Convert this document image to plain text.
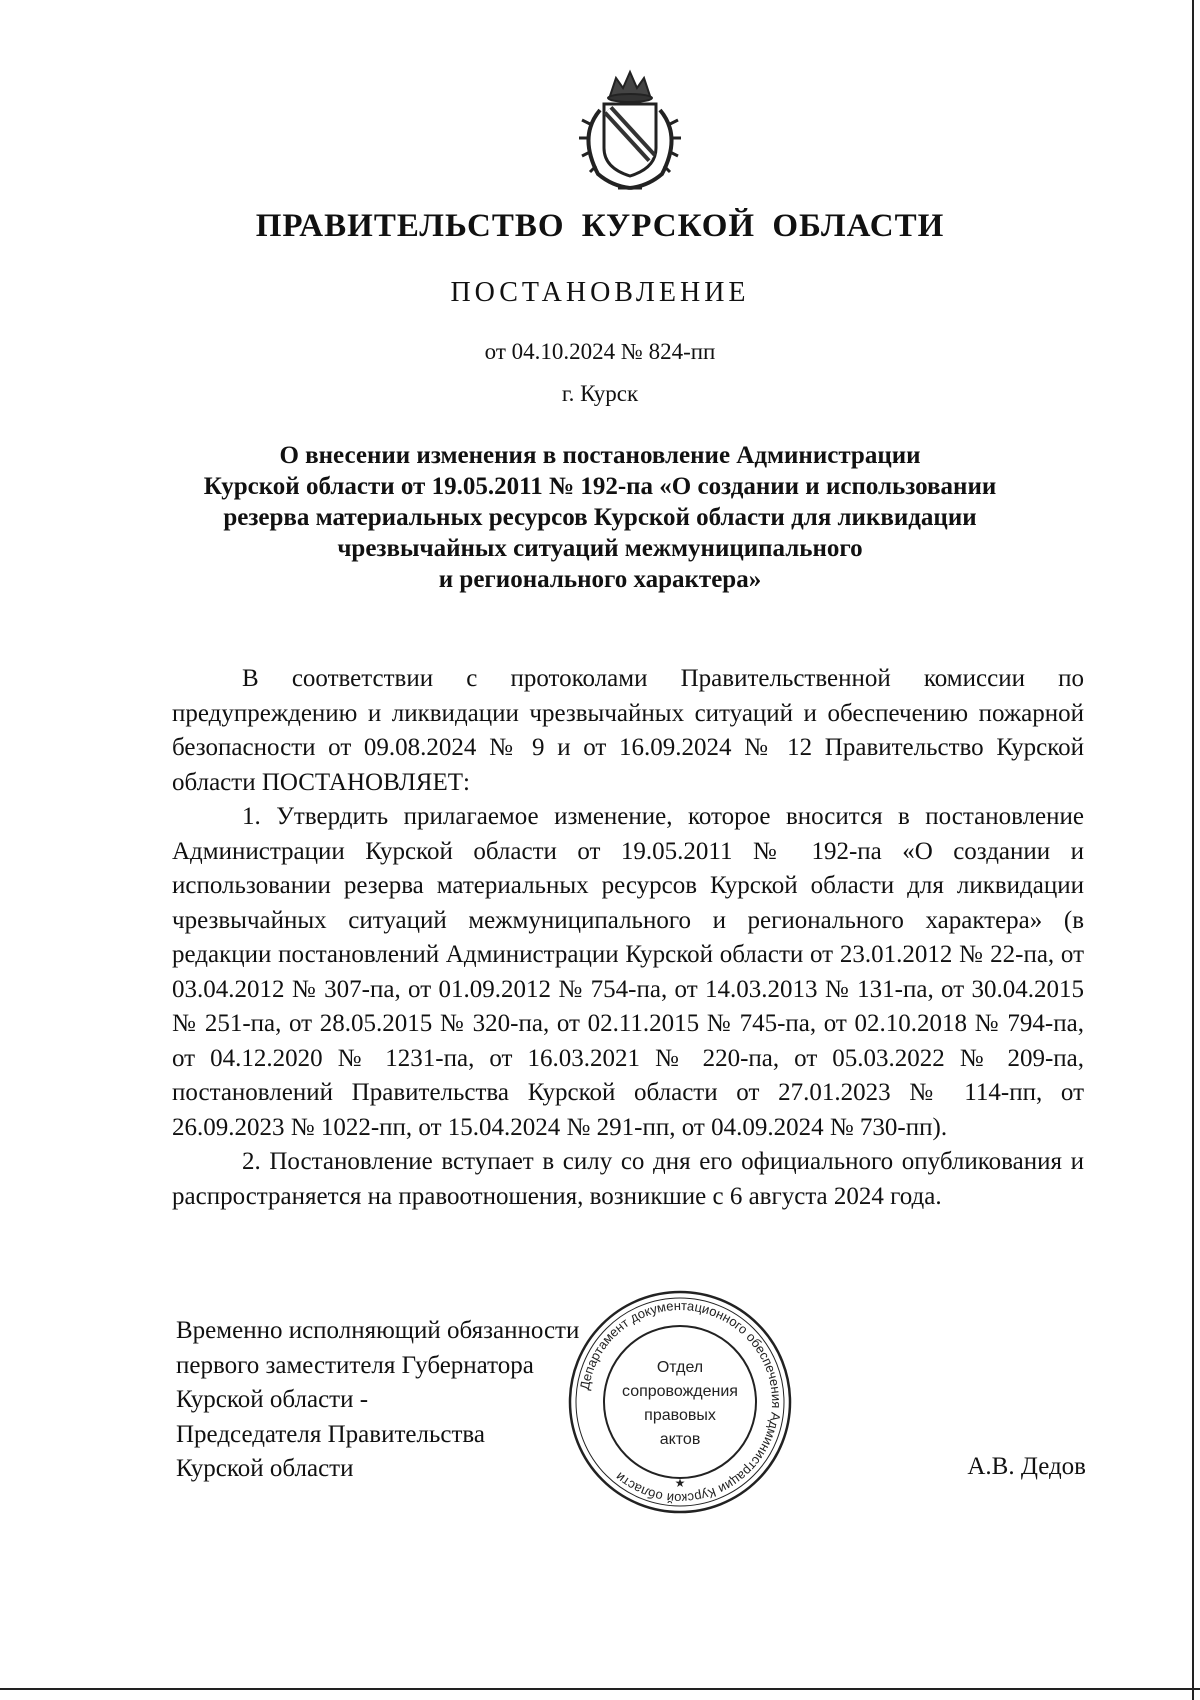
ПРАВИТЕЛЬСТВО КУРСКОЙ ОБЛАСТИ
ПОСТАНОВЛЕНИЕ
от 04.10.2024 № 824-пп
г. Курск
О внесении изменения в постановление Администрации
Курской области от 19.05.2011 № 192-па «О создании и использовании
резерва материальных ресурсов Курской области для ликвидации
чрезвычайных ситуаций межмуниципального
и регионального характера»

В соответствии с протоколами Правительственной комиссии по предупреждению и ликвидации чрезвычайных ситуаций и обеспечению пожарной безопасности от 09.08.2024 № 9 и от 16.09.2024 № 12 Правительство Курской области ПОСТАНОВЛЯЕТ:

1. Утвердить прилагаемое изменение, которое вносится в постановление Администрации Курской области от 19.05.2011 № 192-па «О создании и использовании резерва материальных ресурсов Курской области для ликвидации чрезвычайных ситуаций межмуниципального и регионального характера» (в редакции постановлений Администрации Курской области от 23.01.2012 № 22-па, от 03.04.2012 № 307-па, от 01.09.2012 № 754-па, от 14.03.2013 № 131-па, от 30.04.2015 № 251-па, от 28.05.2015 № 320-па, от 02.11.2015 № 745-па, от 02.10.2018 № 794-па, от 04.12.2020 № 1231-па, от 16.03.2021 № 220-па, от 05.03.2022 № 209-па, постановлений Правительства Курской области от 27.01.2023 № 114-пп, от 26.09.2023 № 1022-пп, от 15.04.2024 № 291-пп, от 04.09.2024 № 730-пп).

2. Постановление вступает в силу со дня его официального опубликования и распространяется на правоотношения, возникшие с 6 августа 2024 года.

Временно исполняющий обязанности
первого заместителя Губернатора
Курской области -
Председателя Правительства
Курской области
Департамент документационного обеспечения Администрации Курской области	★
Отдел
сопровождения
правовых
актов
А.В. Дедов
